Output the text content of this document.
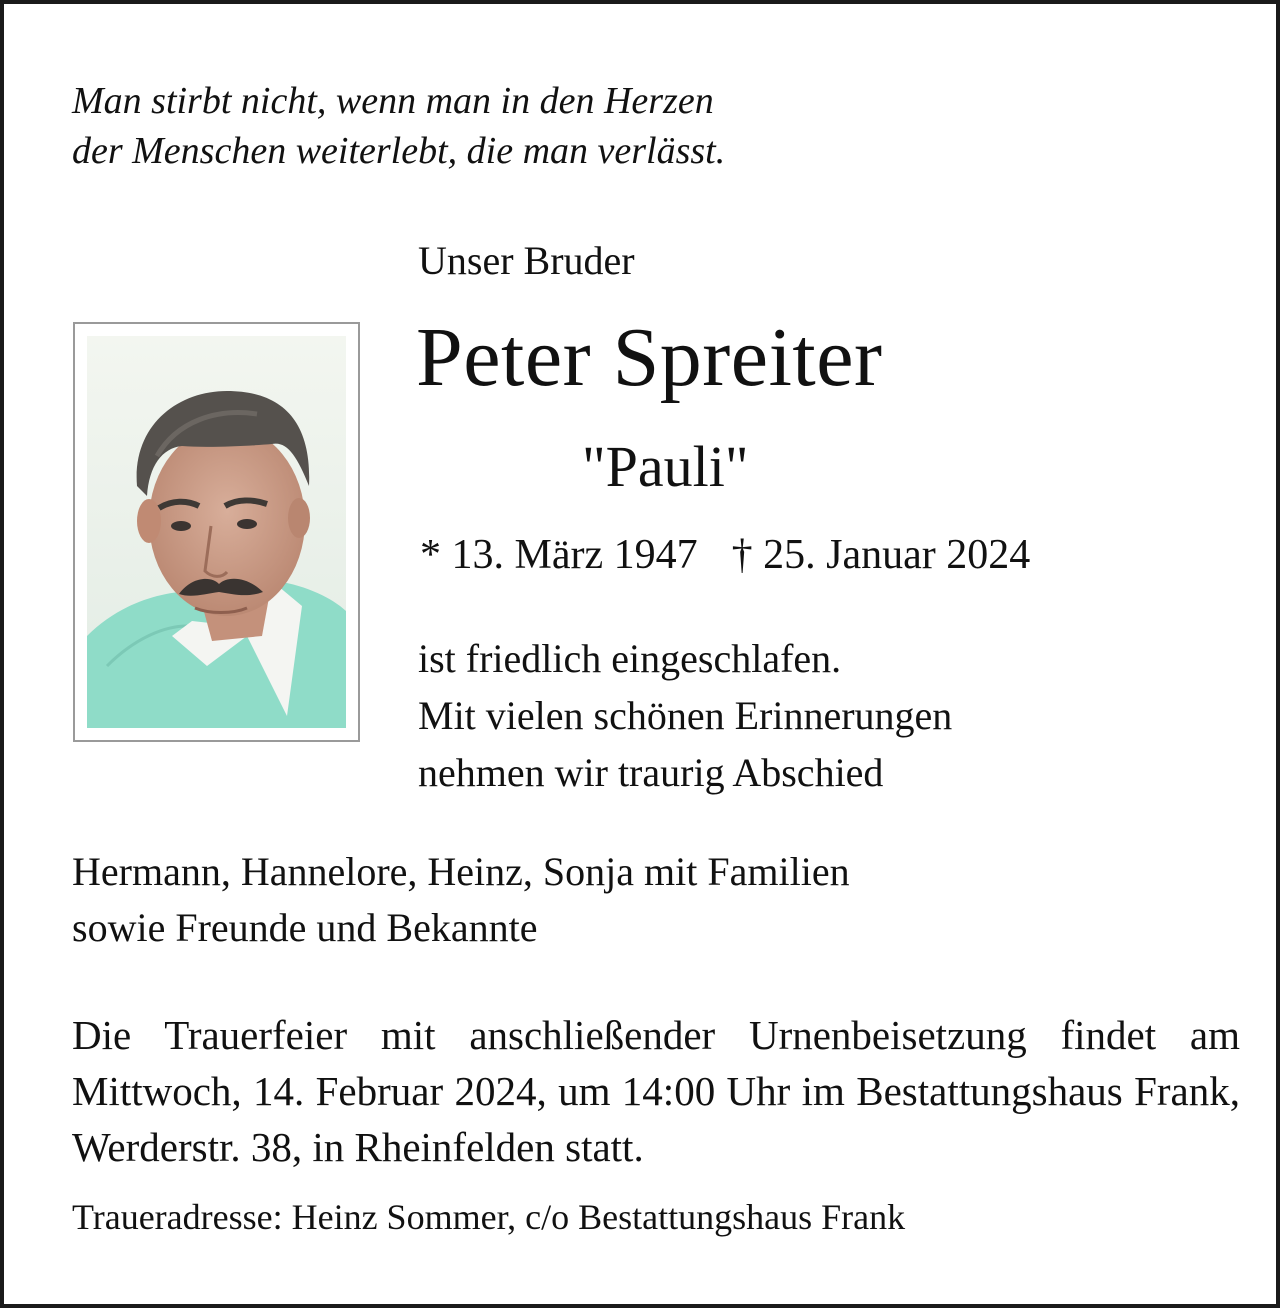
Man stirbt nicht, wenn man in den Herzen
der Menschen weiterlebt, die man verlässt.
Unser Bruder
Peter Spreiter
"Pauli"
* 13. März 1947 † 25. Januar 2024
ist friedlich eingeschlafen.
Mit vielen schönen Erinnerungen
nehmen wir traurig Abschied
Hermann, Hannelore, Heinz, Sonja mit Familien
sowie Freunde und Bekannte
Die Trauerfeier mit anschließender Urnenbeisetzung findet am Mittwoch, 14. Februar 2024, um 14:00 Uhr im Bestattungshaus Frank, Werderstr. 38, in Rheinfelden statt.
Traueradresse: Heinz Sommer, c/o Bestattungshaus Frank
